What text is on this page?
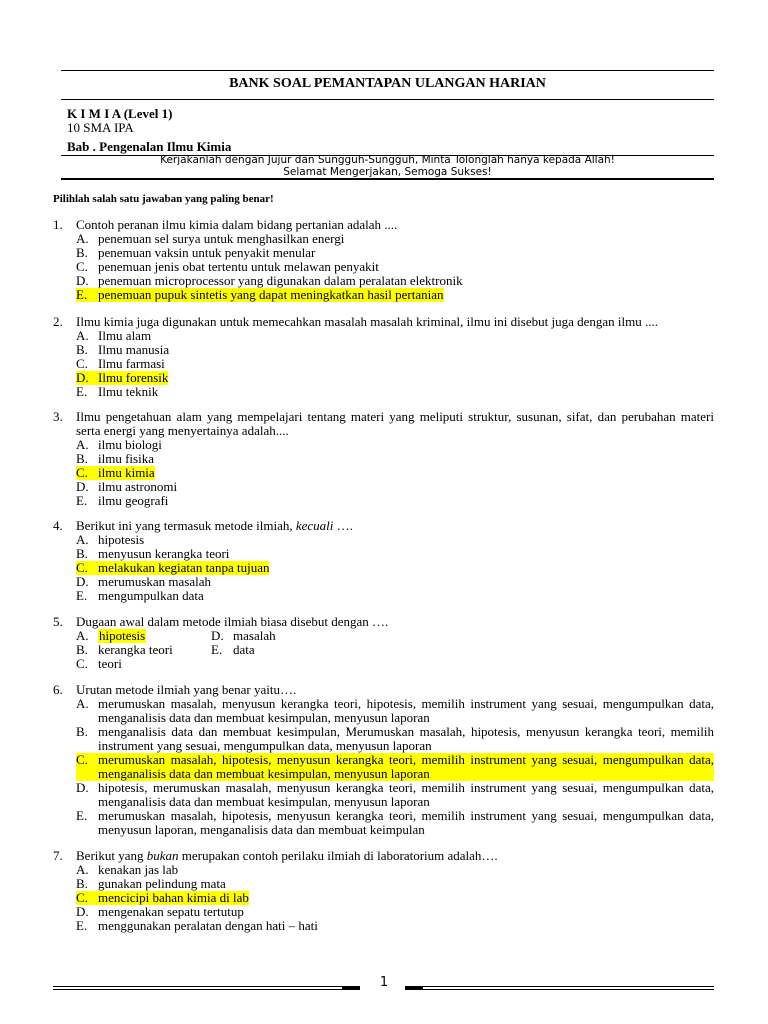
BANK SOAL PEMANTAPAN ULANGAN HARIAN
K I M I A (Level 1)
10 SMA IPA
Bab . Pengenalan Ilmu Kimia
Kerjakanlah dengan Jujur dan Sungguh-Sungguh, Minta Tolonglah hanya kepada Allah!
Selamat Mengerjakan, Semoga Sukses!
Pilihlah salah satu jawaban yang paling benar!
1.	Contoh peranan ilmu kimia dalam bidang pertanian adalah ....
A. penemuan sel surya untuk menghasilkan energi
B. penemuan vaksin untuk penyakit menular
C. penemuan jenis obat tertentu untuk melawan penyakit
D. penemuan microprocessor yang digunakan dalam peralatan elektronik
E. penemuan pupuk sintetis yang dapat meningkatkan hasil pertanian
2.	Ilmu kimia juga digunakan untuk memecahkan masalah masalah kriminal, ilmu ini disebut juga dengan ilmu ....
A. Ilmu alam
B. Ilmu manusia
C. Ilmu farmasi
D. Ilmu forensik
E. Ilmu teknik
3.	Ilmu pengetahuan alam yang mempelajari tentang materi yang meliputi struktur, susunan, sifat, dan perubahan materi serta energi yang menyertainya adalah....
A. ilmu biologi
B. ilmu fisika
C. ilmu kimia
D. ilmu astronomi
E. ilmu geografi
4.	Berikut ini yang termasuk metode ilmiah, kecuali ….
A. hipotesis
B. menyusun kerangka teori
C. melakukan kegiatan tanpa tujuan
D. merumuskan masalah
E. mengumpulkan data
5.	Dugaan awal dalam metode ilmiah biasa disebut dengan ….
A. hipotesis
B. kerangka teori
C. teori
D. masalah
E. data
6.	Urutan metode ilmiah yang benar yaitu….
A. merumuskan masalah, menyusun kerangka teori, hipotesis, memilih instrument yang sesuai, mengumpulkan data, menganalisis data dan membuat kesimpulan, menyusun laporan
B. menganalisis data dan membuat kesimpulan, Merumuskan masalah, hipotesis, menyusun kerangka teori, memilih instrument yang sesuai, mengumpulkan data, menyusun laporan
C. merumuskan masalah, hipotesis, menyusun kerangka teori, memilih instrument yang sesuai, mengumpulkan data, menganalisis data dan membuat kesimpulan, menyusun laporan
D. hipotesis, merumuskan masalah, menyusun kerangka teori, memilih instrument yang sesuai, mengumpulkan data, menganalisis data dan membuat kesimpulan, menyusun laporan
E. merumuskan masalah, hipotesis, menyusun kerangka teori, memilih instrument yang sesuai, mengumpulkan data, menyusun laporan, menganalisis data dan membuat keimpulan
7.	Berikut yang bukan merupakan contoh perilaku ilmiah di laboratorium adalah….
A. kenakan jas lab
B. gunakan pelindung mata
C. mencicipi bahan kimia di lab
D. mengenakan sepatu tertutup
E. menggunakan peralatan dengan hati – hati
1
